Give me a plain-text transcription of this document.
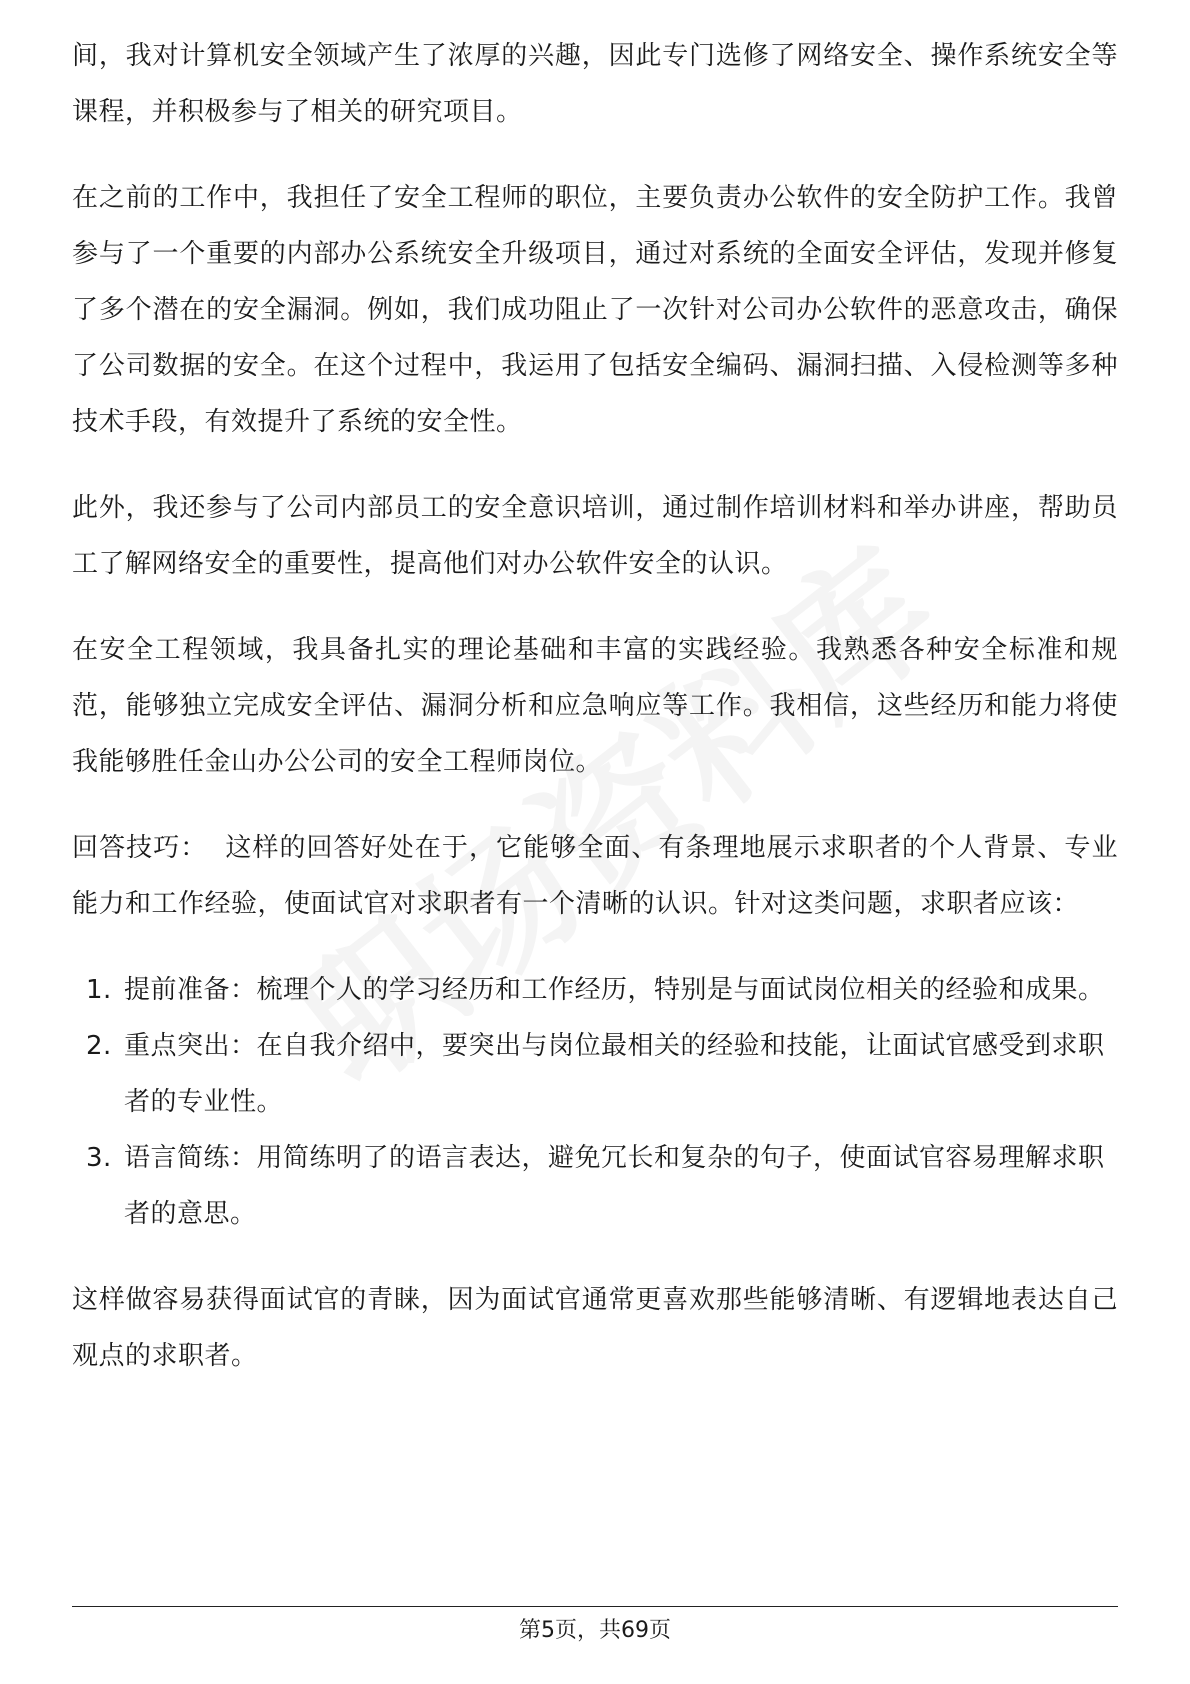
间，我对计算机安全领域产生了浓厚的兴趣，因此专门选修了网络安全、操作系统安全等课程，并积极参与了相关的研究项目。

在之前的工作中，我担任了安全工程师的职位，主要负责办公软件的安全防护工作。我曾参与了一个重要的内部办公系统安全升级项目，通过对系统的全面安全评估，发现并修复了多个潜在的安全漏洞。例如，我们成功阻止了一次针对公司办公软件的恶意攻击，确保了公司数据的安全。在这个过程中，我运用了包括安全编码、漏洞扫描、入侵检测等多种技术手段，有效提升了系统的安全性。

此外，我还参与了公司内部员工的安全意识培训，通过制作培训材料和举办讲座，帮助员工了解网络安全的重要性，提高他们对办公软件安全的认识。

在安全工程领域，我具备扎实的理论基础和丰富的实践经验。我熟悉各种安全标准和规范，能够独立完成安全评估、漏洞分析和应急响应等工作。我相信，这些经历和能力将使我能够胜任金山办公公司的安全工程师岗位。

回答技巧： 这样的回答好处在于，它能够全面、有条理地展示求职者的个人背景、专业能力和工作经验，使面试官对求职者有一个清晰的认识。针对这类问题，求职者应该：

1. 提前准备：梳理个人的学习经历和工作经历，特别是与面试岗位相关的经验和成果。
2. 重点突出：在自我介绍中，要突出与岗位最相关的经验和技能，让面试官感受到求职者的专业性。
3. 语言简练：用简练明了的语言表达，避免冗长和复杂的句子，使面试官容易理解求职者的意思。

这样做容易获得面试官的青睐，因为面试官通常更喜欢那些能够清晰、有逻辑地表达自己观点的求职者。

第5页，共69页
